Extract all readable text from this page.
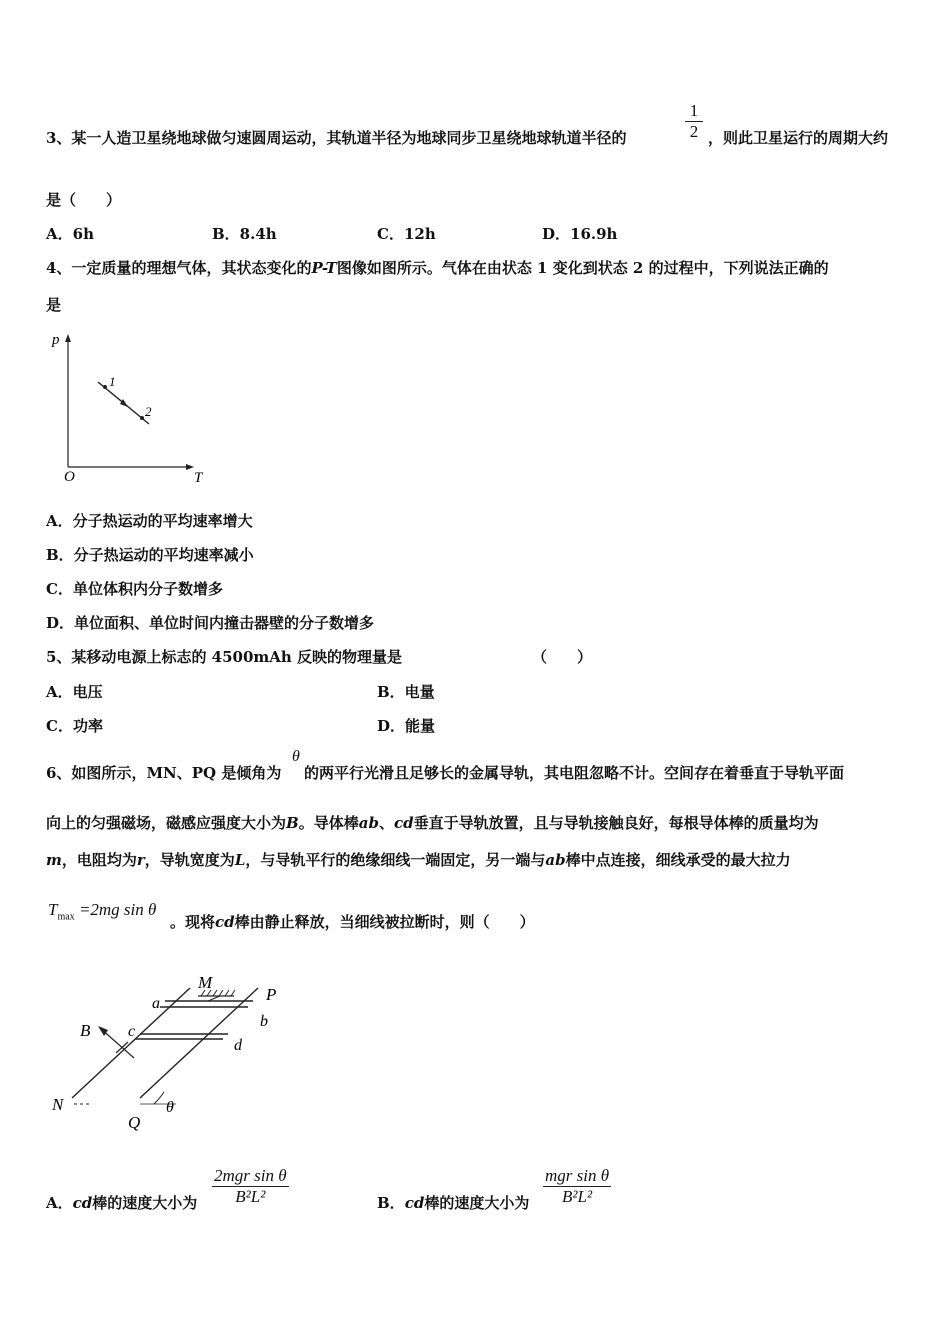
1
2
3、某一人造卫星绕地球做匀速圆周运动，其轨道半径为地球同步卫星绕地球轨道半径的	，则此卫星运行的周期大约
是（　　）
A．6h	B．8.4h	C．12h	D．16.9h
4、一定质量的理想气体，其状态变化的P-T图像如图所示。气体在由状态 1 变化到状态 2 的过程中，下列说法正确的
是
p
T
O
1
2
A．分子热运动的平均速率增大
B．分子热运动的平均速率减小
C．单位体积内分子数增多
D．单位面积、单位时间内撞击器壁的分子数增多
5、某移动电源上标志的 4500mAh 反映的物理量是	（　　）
A．电压	B．电量
C．功率	D．能量
θ
6、如图所示，MN、PQ 是倾角为 的两平行光滑且足够长的金属导轨，其电阻忽略不计。空间存在着垂直于导轨平面
向上的匀强磁场，磁感应强度大小为B。导体棒ab、cd垂直于导轨放置，且与导轨接触良好，每根导体棒的质量均为
m，电阻均为r，导轨宽度为L，与导轨平行的绝缘细线一端固定，另一端与ab棒中点连接，细线承受的最大拉力
$T_{max} =2mg$ sin θ
。现将cd棒由静止释放，当细线被拉断时，则（　　）
M
P
a
b
c
d
B
N
Q
θ
A．cd棒的速度大小为
2mgr sin θ
B²L²	B．cd棒的速度大小为
mgr sin θ
B²L²
